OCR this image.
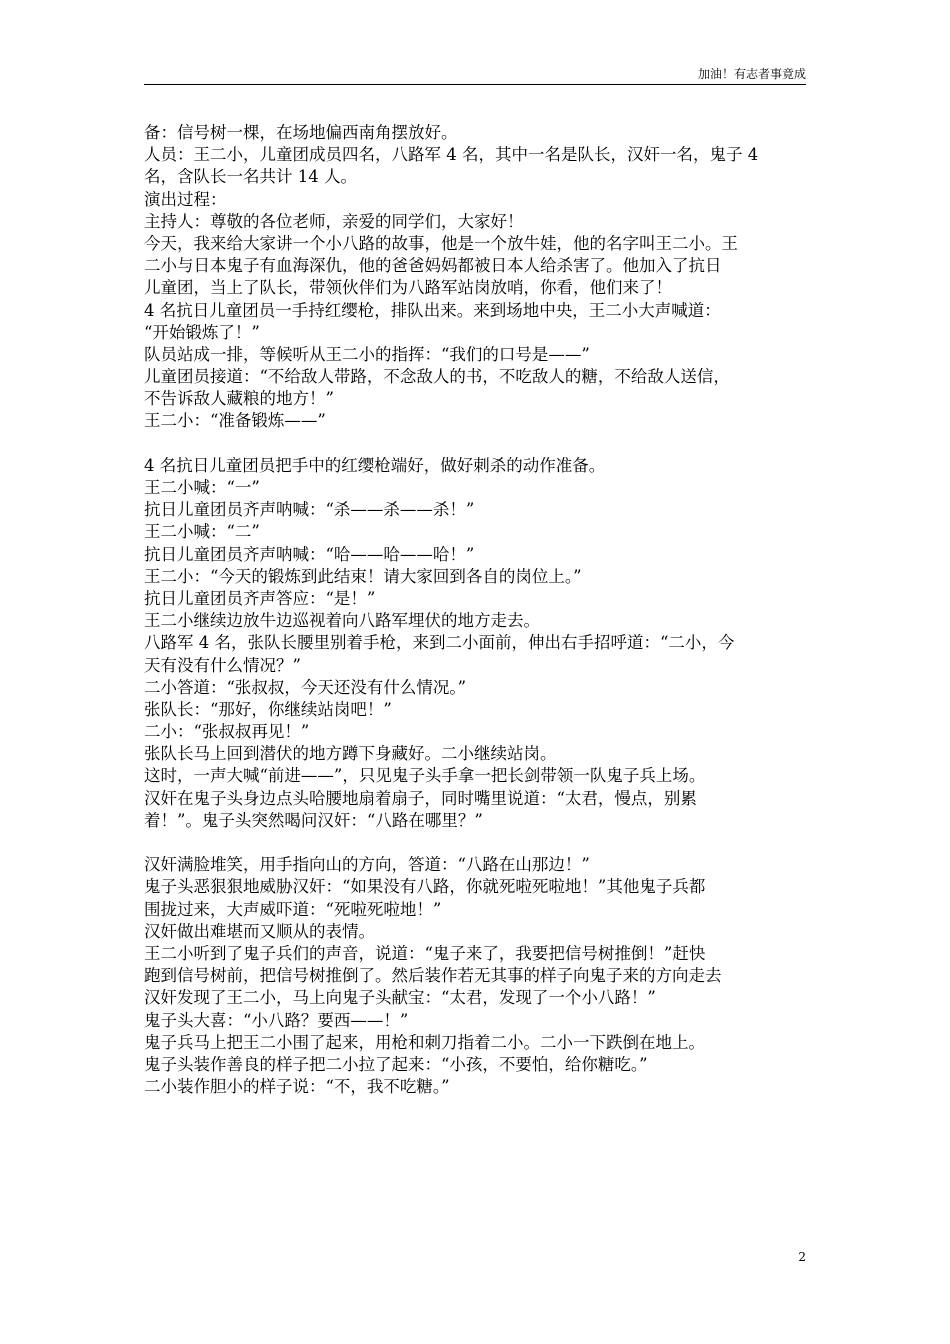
加油！有志者事竟成
备：信号树一棵，在场地偏西南角摆放好。
人员：王二小，儿童团成员四名，八路军 4 名，其中一名是队长，汉奸一名，鬼子 4
名，含队长一名共计 14 人。
演出过程：
主持人：尊敬的各位老师，亲爱的同学们，大家好！
今天，我来给大家讲一个小八路的故事，他是一个放牛娃，他的名字叫王二小。王
二小与日本鬼子有血海深仇，他的爸爸妈妈都被日本人给杀害了。他加入了抗日
儿童团，当上了队长，带领伙伴们为八路军站岗放哨，你看，他们来了！
4 名抗日儿童团员一手持红缨枪，排队出来。来到场地中央，王二小大声喊道：
“开始锻炼了！”
队员站成一排，等候听从王二小的指挥：“我们的口号是——”
儿童团员接道：“不给敌人带路，不念敌人的书，不吃敌人的糖，不给敌人送信，
不告诉敌人藏粮的地方！”
王二小：“准备锻炼——”
4 名抗日儿童团员把手中的红缨枪端好，做好刺杀的动作准备。
王二小喊：“一”
抗日儿童团员齐声呐喊：“杀——杀——杀！”
王二小喊：“二”
抗日儿童团员齐声呐喊：“哈——哈——哈！”
王二小：“今天的锻炼到此结束！请大家回到各自的岗位上。”
抗日儿童团员齐声答应：“是！”
王二小继续边放牛边巡视着向八路军埋伏的地方走去。
八路军 4 名，张队长腰里别着手枪，来到二小面前，伸出右手招呼道：“二小，今
天有没有什么情况？”
二小答道：“张叔叔，今天还没有什么情况。”
张队长：“那好，你继续站岗吧！”
二小：“张叔叔再见！”
张队长马上回到潜伏的地方蹲下身藏好。二小继续站岗。
这时，一声大喊“前进——”，只见鬼子头手拿一把长剑带领一队鬼子兵上场。
汉奸在鬼子头身边点头哈腰地扇着扇子，同时嘴里说道：“太君，慢点，别累
着！”。鬼子头突然喝问汉奸：“八路在哪里？”
汉奸满脸堆笑，用手指向山的方向，答道：“八路在山那边！”
鬼子头恶狠狠地威胁汉奸：“如果没有八路，你就死啦死啦地！”其他鬼子兵都
围拢过来，大声威吓道：“死啦死啦地！”
汉奸做出难堪而又顺从的表情。
王二小听到了鬼子兵们的声音，说道：“鬼子来了，我要把信号树推倒！”赶快
跑到信号树前，把信号树推倒了。然后装作若无其事的样子向鬼子来的方向走去
汉奸发现了王二小，马上向鬼子头献宝：“太君，发现了一个小八路！”
鬼子头大喜：“小八路？要西——！”
鬼子兵马上把王二小围了起来，用枪和刺刀指着二小。二小一下跌倒在地上。
鬼子头装作善良的样子把二小拉了起来：“小孩，不要怕，给你糖吃。”
二小装作胆小的样子说：“不，我不吃糖。”
2
